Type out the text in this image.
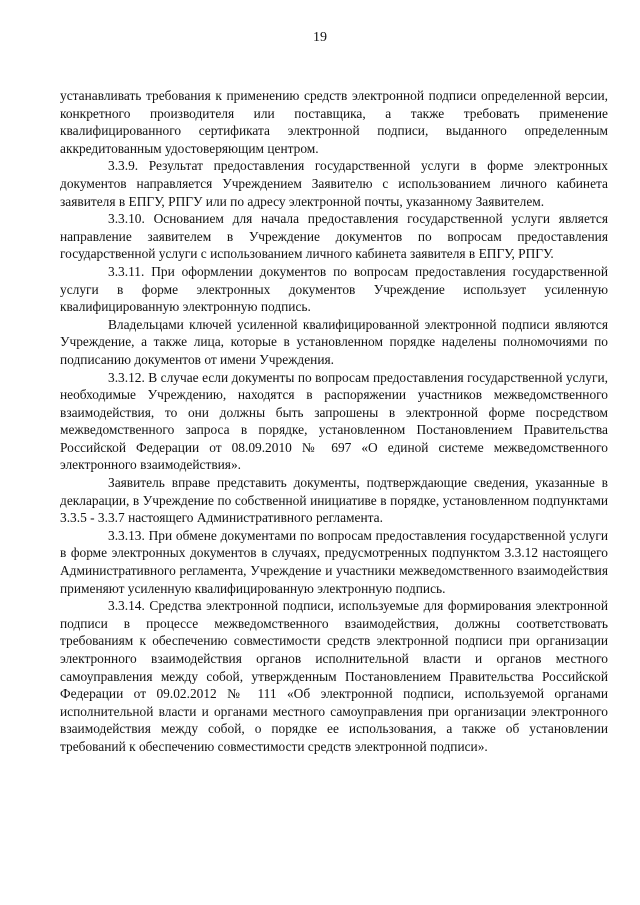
19

устанавливать требования к применению средств электронной подписи определенной версии, конкретного производителя или поставщика, а также требовать применение квалифицированного сертификата электронной подписи, выданного определенным аккредитованным удостоверяющим центром.

3.3.9. Результат предоставления государственной услуги в форме электронных документов направляется Учреждением Заявителю с использованием личного кабинета заявителя в ЕПГУ, РПГУ или по адресу электронной почты, указанному Заявителем.

3.3.10. Основанием для начала предоставления государственной услуги является направление заявителем в Учреждение документов по вопросам предоставления государственной услуги с использованием личного кабинета заявителя в ЕПГУ, РПГУ.

3.3.11. При оформлении документов по вопросам предоставления государственной услуги в форме электронных документов Учреждение использует усиленную квалифицированную электронную подпись.

Владельцами ключей усиленной квалифицированной электронной подписи являются Учреждение, а также лица, которые в установленном порядке наделены полномочиями по подписанию документов от имени Учреждения.

3.3.12. В случае если документы по вопросам предоставления государственной услуги, необходимые Учреждению, находятся в распоряжении участников межведомственного взаимодействия, то они должны быть запрошены в электронной форме посредством межведомственного запроса в порядке, установленном Постановлением Правительства Российской Федерации от 08.09.2010 № 697 «О единой системе межведомственного электронного взаимодействия».

Заявитель вправе представить документы, подтверждающие сведения, указанные в декларации, в Учреждение по собственной инициативе в порядке, установленном подпунктами 3.3.5 - 3.3.7 настоящего Административного регламента.

3.3.13. При обмене документами по вопросам предоставления государственной услуги в форме электронных документов в случаях, предусмотренных подпунктом 3.3.12 настоящего Административного регламента, Учреждение и участники межведомственного взаимодействия применяют усиленную квалифицированную электронную подпись.

3.3.14. Средства электронной подписи, используемые для формирования электронной подписи в процессе межведомственного взаимодействия, должны соответствовать требованиям к обеспечению совместимости средств электронной подписи при организации электронного взаимодействия органов исполнительной власти и органов местного самоуправления между собой, утвержденным Постановлением Правительства Российской Федерации от 09.02.2012 № 111 «Об электронной подписи, используемой органами исполнительной власти и органами местного самоуправления при организации электронного взаимодействия между собой, о порядке ее использования, а также об установлении требований к обеспечению совместимости средств электронной подписи».
